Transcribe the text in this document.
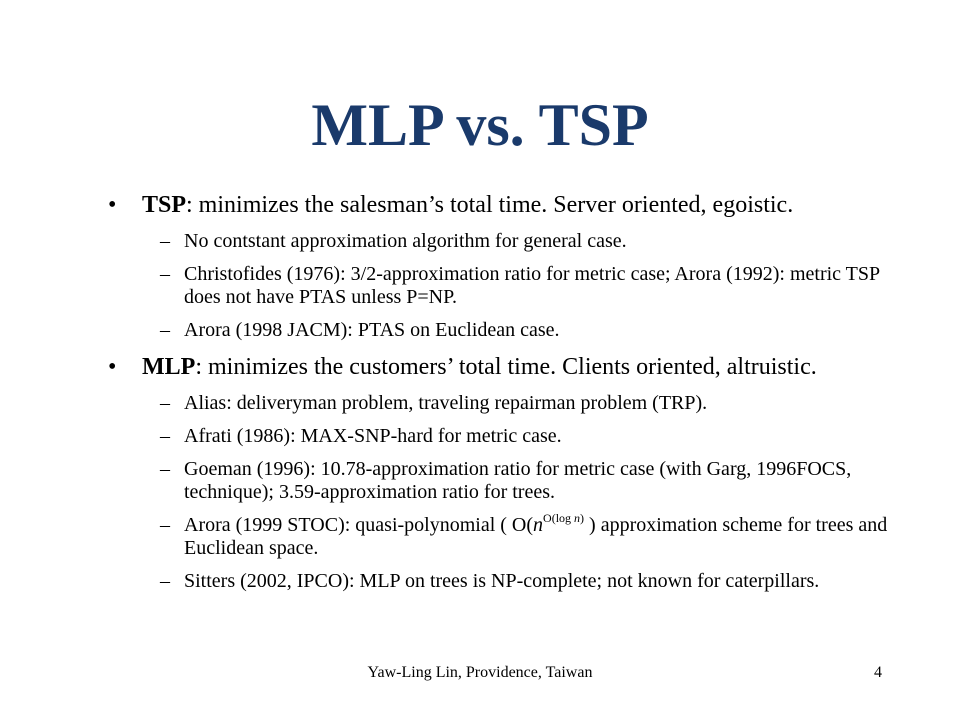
MLP vs. TSP
• TSP: minimizes the salesman’s total time. Server oriented, egoistic.
– No contstant approximation algorithm for general case.
– Christofides (1976): 3/2-approximation ratio for metric case; Arora (1992): metric TSP does not have PTAS unless P=NP.
– Arora (1998 JACM): PTAS on Euclidean case.
• MLP: minimizes the customers’ total time. Clients oriented, altruistic.
– Alias: deliveryman problem, traveling repairman problem (TRP).
– Afrati (1986): MAX-SNP-hard for metric case.
– Goeman (1996): 10.78-approximation ratio for metric case (with Garg, 1996FOCS, technique); 3.59-approximation ratio for trees.
– Arora (1999 STOC): quasi-polynomial ( $O(n^{O(log n)}$ ) approximation scheme for trees and Euclidean space.
– Sitters (2002, IPCO): MLP on trees is NP-complete; not known for caterpillars.
Yaw-Ling Lin, Providence, Taiwan	4
